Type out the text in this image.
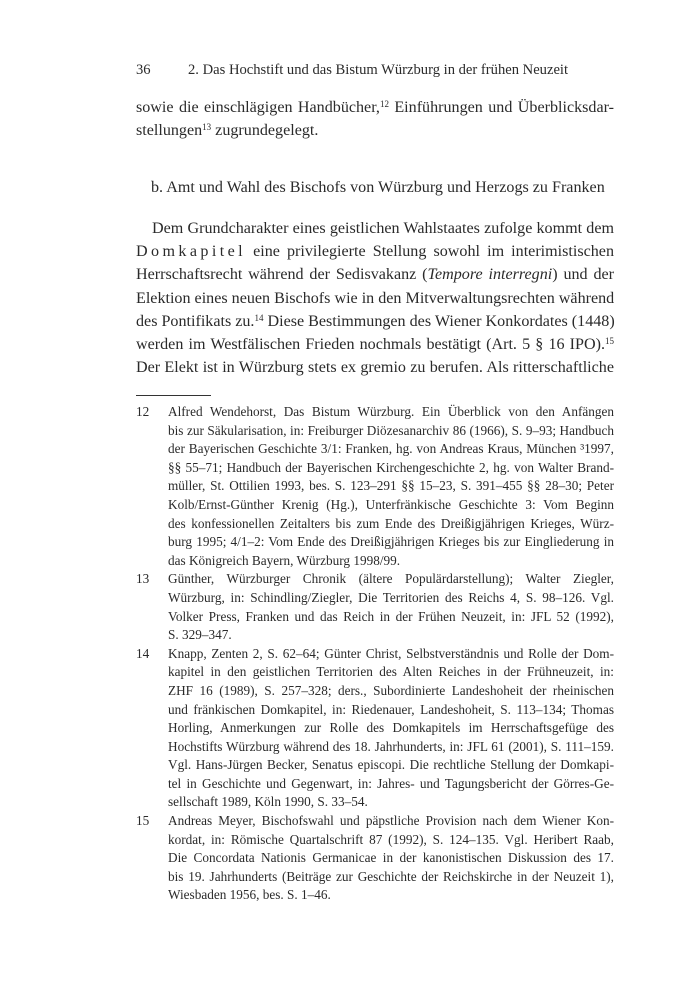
36	2. Das Hochstift und das Bistum Würzburg in der frühen Neuzeit
sowie die einschlägigen Handbücher,$^{12}$ Einführungen und Überblicksdar-
stellungen$^{13}$ zugrundegelegt.
b. Amt und Wahl des Bischofs von Würzburg und Herzogs zu Franken
Dem Grundcharakter eines geistlichen Wahlstaates zufolge kommt dem
Domkapitel eine privilegierte Stellung sowohl im interimistischen
Herrschaftsrecht während der Sedisvakanz (Tempore interregni) und der
Elektion eines neuen Bischofs wie in den Mitverwaltungsrechten während
des Pontifikats zu.$^{14}$ Diese Bestimmungen des Wiener Konkordates (1448)
werden im Westfälischen Frieden nochmals bestätigt (Art. 5 § 16 IPO).$^{15}$
Der Elekt ist in Würzburg stets ex gremio zu berufen. Als ritterschaftliche
12 Alfred Wendehorst, Das Bistum Würzburg. Ein Überblick von den Anfängen
bis zur Säkularisation, in: Freiburger Diözesanarchiv 86 (1966), S. 9–93; Handbuch
der Bayerischen Geschichte 3/1: Franken, hg. von Andreas Kraus, München ³1997,
§§ 55–71; Handbuch der Bayerischen Kirchengeschichte 2, hg. von Walter Brand-
müller, St. Ottilien 1993, bes. S. 123–291 §§ 15–23, S. 391–455 §§ 28–30; Peter
Kolb/Ernst-Günther Krenig (Hg.), Unterfränkische Geschichte 3: Vom Beginn
des konfessionellen Zeitalters bis zum Ende des Dreißigjährigen Krieges, Würz-
burg 1995; 4/1–2: Vom Ende des Dreißigjährigen Krieges bis zur Eingliederung in
das Königreich Bayern, Würzburg 1998/99.
13 Günther, Würzburger Chronik (ältere Populärdarstellung); Walter Ziegler,
Würzburg, in: Schindling/Ziegler, Die Territorien des Reichs 4, S. 98–126. Vgl.
Volker Press, Franken und das Reich in der Frühen Neuzeit, in: JFL 52 (1992),
S. 329–347.
14 Knapp, Zenten 2, S. 62–64; Günter Christ, Selbstverständnis und Rolle der Dom-
kapitel in den geistlichen Territorien des Alten Reiches in der Frühneuzeit, in:
ZHF 16 (1989), S. 257–328; ders., Subordinierte Landeshoheit der rheinischen
und fränkischen Domkapitel, in: Riedenauer, Landeshoheit, S. 113–134; Thomas
Horling, Anmerkungen zur Rolle des Domkapitels im Herrschaftsgefüge des
Hochstifts Würzburg während des 18. Jahrhunderts, in: JFL 61 (2001), S. 111–159.
Vgl. Hans-Jürgen Becker, Senatus episcopi. Die rechtliche Stellung der Domkapi-
tel in Geschichte und Gegenwart, in: Jahres- und Tagungsbericht der Görres-Ge-
sellschaft 1989, Köln 1990, S. 33–54.
15 Andreas Meyer, Bischofswahl und päpstliche Provision nach dem Wiener Kon-
kordat, in: Römische Quartalschrift 87 (1992), S. 124–135. Vgl. Heribert Raab,
Die Concordata Nationis Germanicae in der kanonistischen Diskussion des 17.
bis 19. Jahrhunderts (Beiträge zur Geschichte der Reichskirche in der Neuzeit 1),
Wiesbaden 1956, bes. S. 1–46.
